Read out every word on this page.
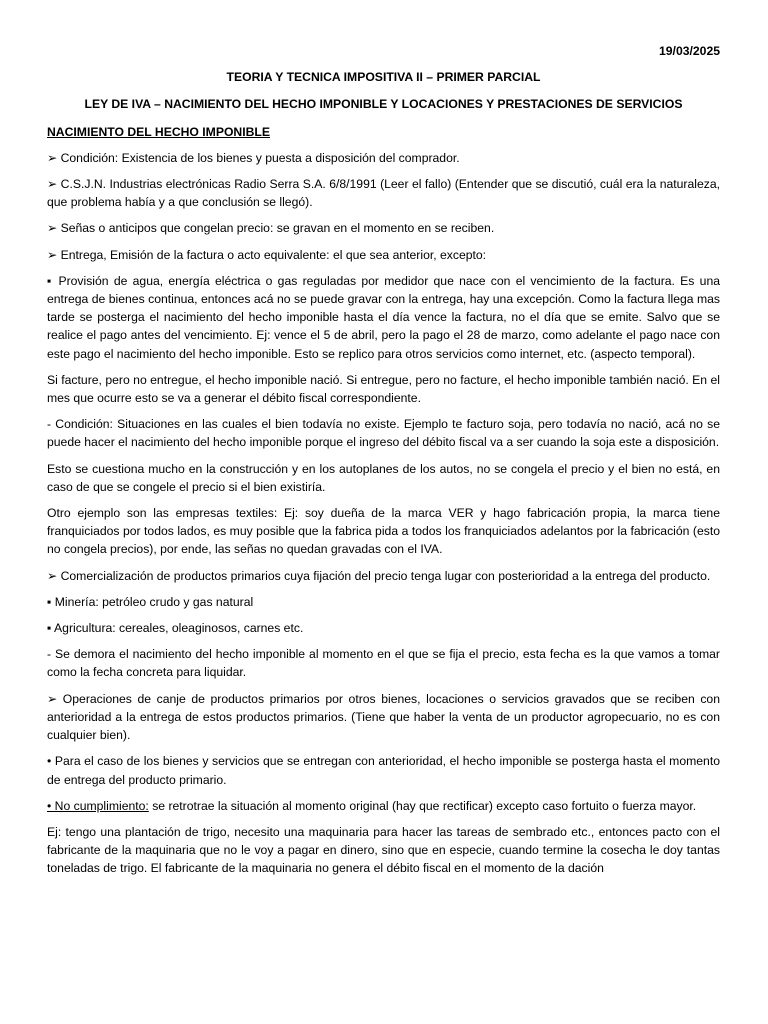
19/03/2025
TEORIA Y TECNICA IMPOSITIVA II – PRIMER PARCIAL
LEY DE IVA – NACIMIENTO DEL HECHO IMPONIBLE Y LOCACIONES Y PRESTACIONES DE SERVICIOS
NACIMIENTO DEL HECHO IMPONIBLE

➢ Condición: Existencia de los bienes y puesta a disposición del comprador.

➢ C.S.J.N. Industrias electrónicas Radio Serra S.A. 6/8/1991 (Leer el fallo) (Entender que se discutió, cuál era la naturaleza, que problema había y a que conclusión se llegó).

➢ Señas o anticipos que congelan precio: se gravan en el momento en se reciben.

➢ Entrega, Emisión de la factura o acto equivalente: el que sea anterior, excepto:

▪ Provisión de agua, energía eléctrica o gas reguladas por medidor que nace con el vencimiento de la factura. Es una entrega de bienes continua, entonces acá no se puede gravar con la entrega, hay una excepción. Como la factura llega mas tarde se posterga el nacimiento del hecho imponible hasta el día vence la factura, no el día que se emite. Salvo que se realice el pago antes del vencimiento. Ej: vence el 5 de abril, pero la pago el 28 de marzo, como adelante el pago nace con este pago el nacimiento del hecho imponible. Esto se replico para otros servicios como internet, etc. (aspecto temporal).

Si facture, pero no entregue, el hecho imponible nació. Si entregue, pero no facture, el hecho imponible también nació. En el mes que ocurre esto se va a generar el débito fiscal correspondiente.

- Condición: Situaciones en las cuales el bien todavía no existe. Ejemplo te facturo soja, pero todavía no nació, acá no se puede hacer el nacimiento del hecho imponible porque el ingreso del débito fiscal va a ser cuando la soja este a disposición.

Esto se cuestiona mucho en la construcción y en los autoplanes de los autos, no se congela el precio y el bien no está, en caso de que se congele el precio si el bien existiría.

Otro ejemplo son las empresas textiles: Ej: soy dueña de la marca VER y hago fabricación propia, la marca tiene franquiciados por todos lados, es muy posible que la fabrica pida a todos los franquiciados adelantos por la fabricación (esto no congela precios), por ende, las señas no quedan gravadas con el IVA.

➢ Comercialización de productos primarios cuya fijación del precio tenga lugar con posterioridad a la entrega del producto.

▪ Minería: petróleo crudo y gas natural

▪ Agricultura: cereales, oleaginosos, carnes etc.

- Se demora el nacimiento del hecho imponible al momento en el que se fija el precio, esta fecha es la que vamos a tomar como la fecha concreta para liquidar.

➢ Operaciones de canje de productos primarios por otros bienes, locaciones o servicios gravados que se reciben con anterioridad a la entrega de estos productos primarios. (Tiene que haber la venta de un productor agropecuario, no es con cualquier bien).

• Para el caso de los bienes y servicios que se entregan con anterioridad, el hecho imponible se posterga hasta el momento de entrega del producto primario.

• No cumplimiento: se retrotrae la situación al momento original (hay que rectificar) excepto caso fortuito o fuerza mayor.

Ej: tengo una plantación de trigo, necesito una maquinaria para hacer las tareas de sembrado etc., entonces pacto con el fabricante de la maquinaria que no le voy a pagar en dinero, sino que en especie, cuando termine la cosecha le doy tantas toneladas de trigo. El fabricante de la maquinaria no genera el débito fiscal en el momento de la dación
